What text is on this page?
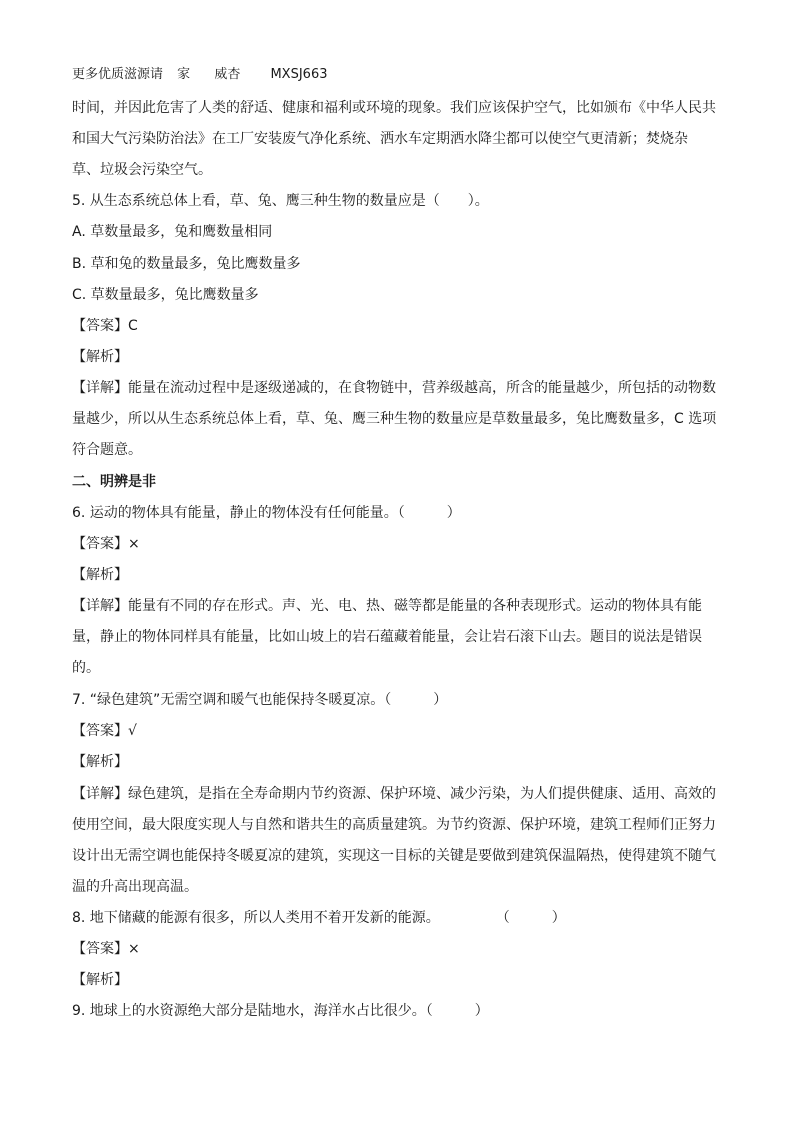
更多优质滋源请 家 威杏 MXSJ663
时间，并因此危害了人类的舒适、健康和福利或环境的现象。我们应该保护空气，比如颁布《中华人民共
和国大气污染防治法》在工厂安装废气净化系统、洒水车定期洒水降尘都可以使空气更清新；焚烧杂
草、垃圾会污染空气。
5. 从生态系统总体上看，草、兔、鹰三种生物的数量应是（　　）。
A. 草数量最多，兔和鹰数量相同
B. 草和兔的数量最多，兔比鹰数量多
C. 草数量最多，兔比鹰数量多
【答案】C
【解析】
【详解】能量在流动过程中是逐级递减的，在食物链中，营养级越高，所含的能量越少，所包括的动物数
量越少，所以从生态系统总体上看，草、兔、鹰三种生物的数量应是草数量最多，兔比鹰数量多，C 选项
符合题意。
二、明辨是非
6. 运动的物体具有能量，静止的物体没有任何能量。（　　　）
【答案】×
【解析】
【详解】能量有不同的存在形式。声、光、电、热、磁等都是能量的各种表现形式。运动的物体具有能
量，静止的物体同样具有能量，比如山坡上的岩石蕴藏着能量，会让岩石滚下山去。题目的说法是错误
的。
7. “绿色建筑”无需空调和暖气也能保持冬暖夏凉。（　　　）
【答案】√
【解析】
【详解】绿色建筑，是指在全寿命期内节约资源、保护环境、减少污染，为人们提供健康、适用、高效的
使用空间，最大限度实现人与自然和谐共生的高质量建筑。为节约资源、保护环境，建筑工程师们正努力
设计出无需空调也能保持冬暖夏凉的建筑，实现这一目标的关键是要做到建筑保温隔热，使得建筑不随气
温的升高出现高温。
8. 地下储藏的能源有很多，所以人类用不着开发新的能源。　　　　　（　　　）
【答案】×
【解析】
9. 地球上的水资源绝大部分是陆地水，海洋水占比很少。（　　　）
